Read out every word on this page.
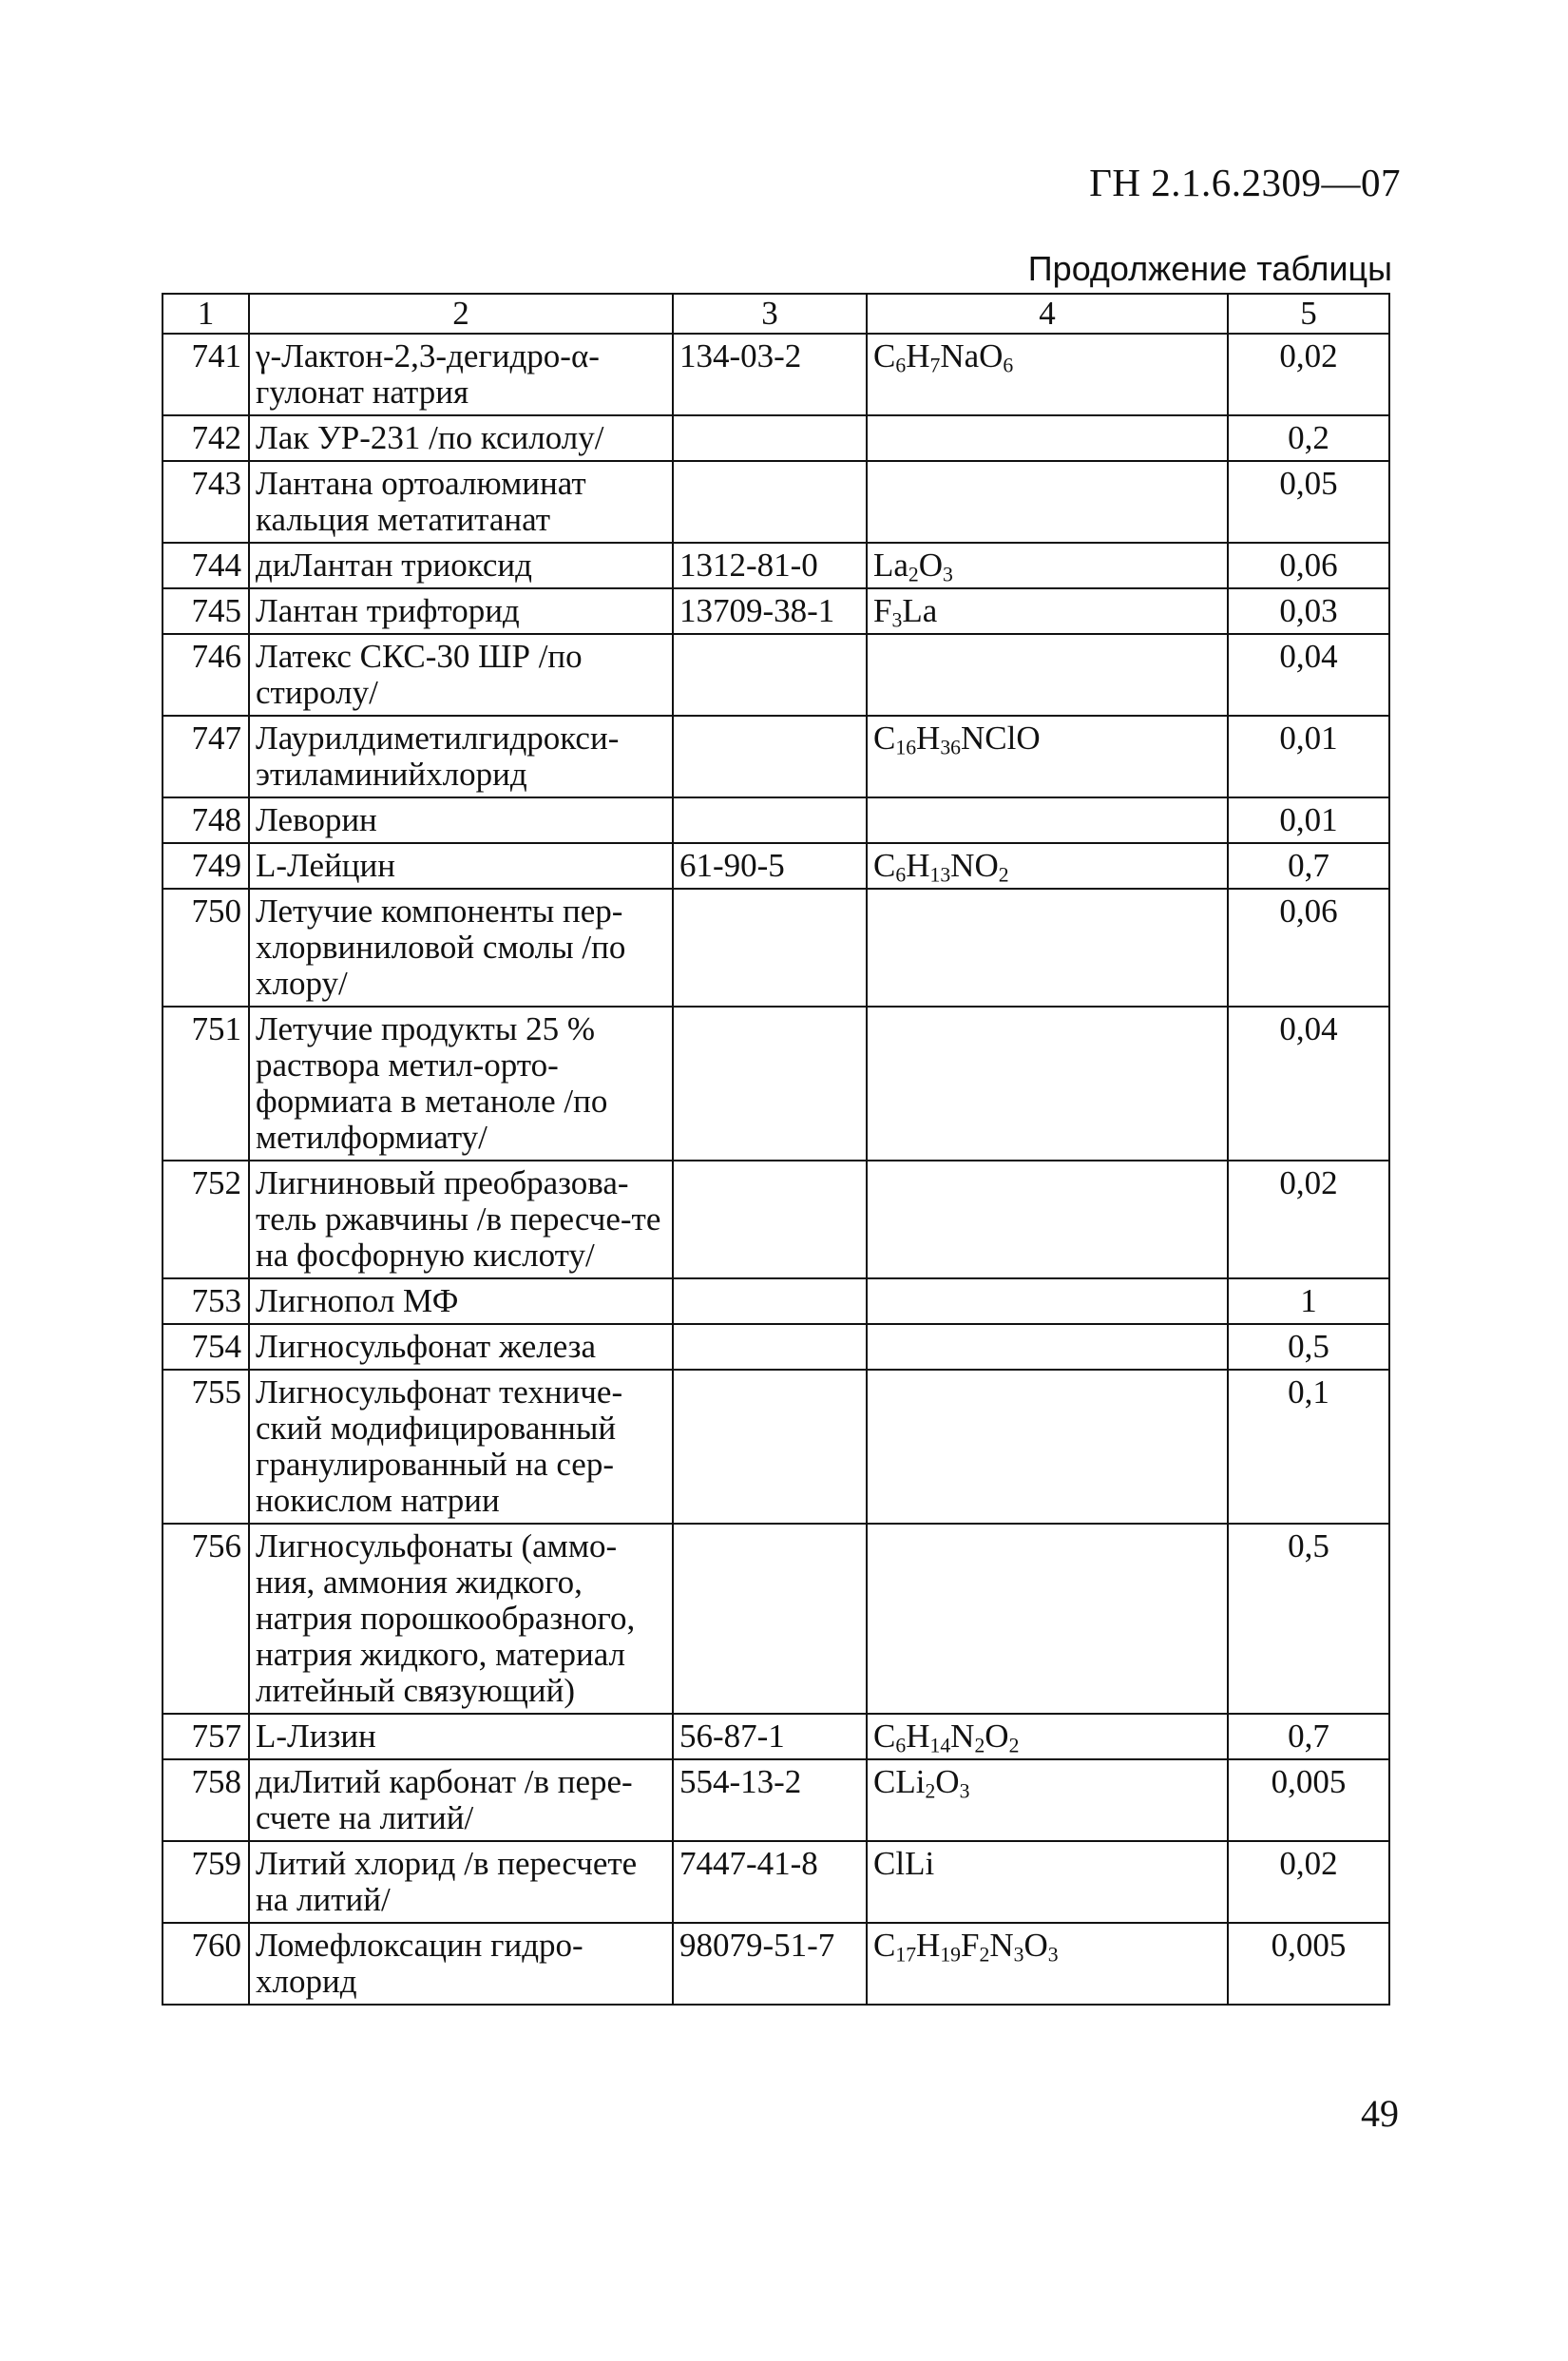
ГН 2.1.6.2309—07
Продолжение таблицы
1	2	3	4	5
741	γ-Лактон-2,3-дегидро-α-гулонат натрия	134-03-2	$C_6H_7NaO_6$	0,02
742	Лак УР-231 /по ксилолу/			0,2
743	Лантана ортоалюминат кальция метатитанат			0,05
744	диЛантан триоксид	1312-81-0	$La_2O_3$	0,06
745	Лантан трифторид	13709-38-1	$F_3La$	0,03
746	Латекс СКС-30 ШР /по стиролу/			0,04
747	Лаурилдиметилгидрокси-этиламинийхлорид		$C_{16}H_{36}NClO$	0,01
748	Леворин			0,01
749	L-Лейцин	61-90-5	$C_6H_{13}NO_2$	0,7
750	Летучие компоненты пер-хлорвиниловой смолы /по хлору/			0,06
751	Летучие продукты 25 % раствора метил-орто-формиата в метаноле /по метилформиату/			0,04
752	Лигниновый преобразова-тель ржавчины /в пересче-те на фосфорную кислоту/			0,02
753	Лигнопол МФ			1
754	Лигносульфонат железа			0,5
755	Лигносульфонат техниче-ский модифицированный гранулированный на сер-нокислом натрии			0,1
756	Лигносульфонаты (аммо-ния, аммония жидкого, натрия порошкообразного, натрия жидкого, материал литейный связующий)			0,5
757	L-Лизин	56-87-1	$C_6H_{14}N_2O_2$	0,7
758	диЛитий карбонат /в пере-счете на литий/	554-13-2	$CLi_2O_3$	0,005
759	Литий хлорид /в пересчете на литий/	7447-41-8	ClLi	0,02
760	Ломефлоксацин гидро-хлорид	98079-51-7	$C_{17}H_{19}F_2N_3O_3$	0,005
49
